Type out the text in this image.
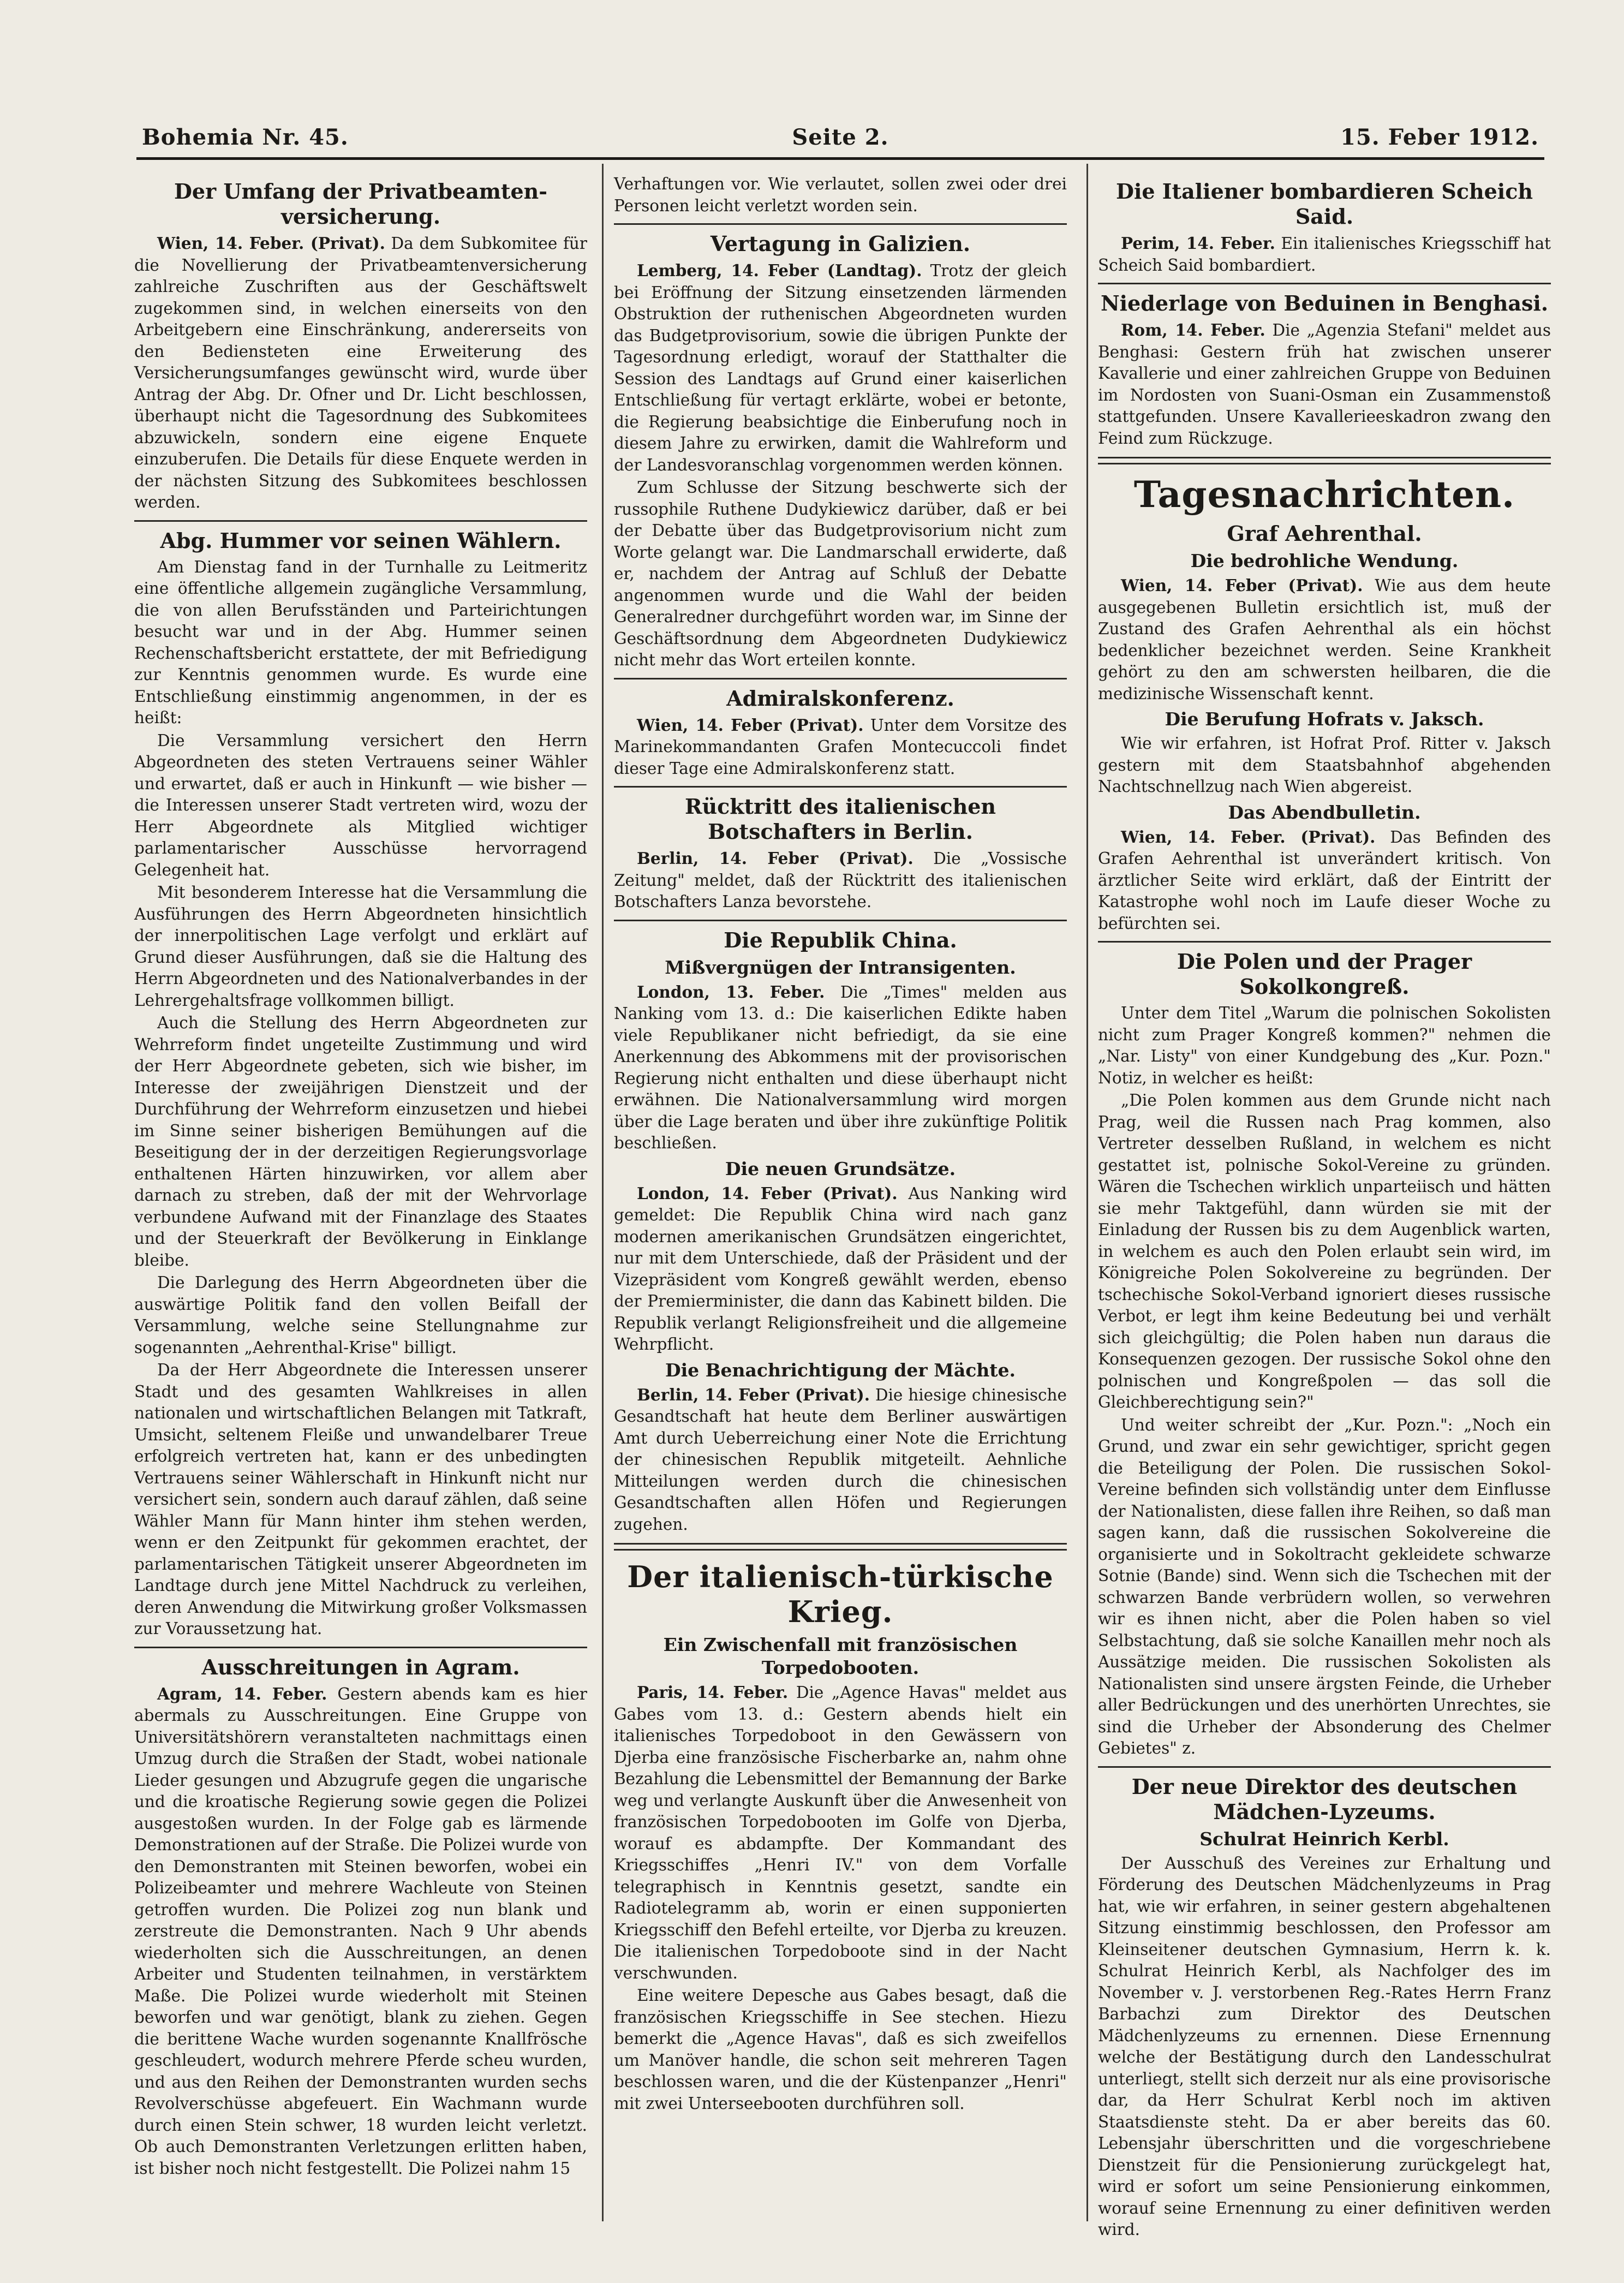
Bohemia Nr. 45.	Seite 2.	15. Feber 1912.
Der Umfang der Privatbeamten-versicherung.

Wien, 14. Feber. (Privat). Da dem Subkomitee für die Novellierung der Privatbeamtenversicherung zahlreiche Zuschriften aus der Geschäftswelt zugekommen sind, in welchen einerseits von den Arbeitgebern eine Einschränkung, andererseits von den Bediensteten eine Erweiterung des Versicherungsumfanges gewünscht wird, wurde über Antrag der Abg. Dr. Ofner und Dr. Licht beschlossen, überhaupt nicht die Tagesordnung des Subkomitees abzuwickeln, sondern eine eigene Enquete einzuberufen. Die Details für diese Enquete werden in der nächsten Sitzung des Subkomitees beschlossen werden.

Abg. Hummer vor seinen Wählern.

Am Dienstag fand in der Turnhalle zu Leitmeritz eine öffentliche allgemein zugängliche Versammlung, die von allen Berufsständen und Parteirichtungen besucht war und in der Abg. Hummer seinen Rechenschaftsbericht erstattete, der mit Befriedigung zur Kenntnis genommen wurde. Es wurde eine Entschließung einstimmig angenommen, in der es heißt:

Die Versammlung versichert den Herrn Abgeordneten des steten Vertrauens seiner Wähler und erwartet, daß er auch in Hinkunft — wie bisher — die Interessen unserer Stadt vertreten wird, wozu der Herr Abgeordnete als Mitglied wichtiger parlamentarischer Ausschüsse hervorragend Gelegenheit hat.

Mit besonderem Interesse hat die Versammlung die Ausführungen des Herrn Abgeordneten hinsichtlich der innerpolitischen Lage verfolgt und erklärt auf Grund dieser Ausführungen, daß sie die Haltung des Herrn Abgeordneten und des Nationalverbandes in der Lehrergehaltsfrage vollkommen billigt.

Auch die Stellung des Herrn Abgeordneten zur Wehrreform findet ungeteilte Zustimmung und wird der Herr Abgeordnete gebeten, sich wie bisher, im Interesse der zweijährigen Dienstzeit und der Durchführung der Wehrreform einzusetzen und hiebei im Sinne seiner bisherigen Bemühungen auf die Beseitigung der in der derzeitigen Regierungsvorlage enthaltenen Härten hinzuwirken, vor allem aber darnach zu streben, daß der mit der Wehrvorlage verbundene Aufwand mit der Finanzlage des Staates und der Steuerkraft der Bevölkerung in Einklange bleibe.

Die Darlegung des Herrn Abgeordneten über die auswärtige Politik fand den vollen Beifall der Versammlung, welche seine Stellungnahme zur sogenannten „Aehrenthal-Krise" billigt.

Da der Herr Abgeordnete die Interessen unserer Stadt und des gesamten Wahlkreises in allen nationalen und wirtschaftlichen Belangen mit Tatkraft, Umsicht, seltenem Fleiße und unwandelbarer Treue erfolgreich vertreten hat, kann er des unbedingten Vertrauens seiner Wählerschaft in Hinkunft nicht nur versichert sein, sondern auch darauf zählen, daß seine Wähler Mann für Mann hinter ihm stehen werden, wenn er den Zeitpunkt für gekommen erachtet, der parlamentarischen Tätigkeit unserer Abgeordneten im Landtage durch jene Mittel Nachdruck zu verleihen, deren Anwendung die Mitwirkung großer Volksmassen zur Voraussetzung hat.

Ausschreitungen in Agram.

Agram, 14. Feber. Gestern abends kam es hier abermals zu Ausschreitungen. Eine Gruppe von Universitätshörern veranstalteten nachmittags einen Umzug durch die Straßen der Stadt, wobei nationale Lieder gesungen und Abzugrufe gegen die ungarische und die kroatische Regierung sowie gegen die Polizei ausgestoßen wurden. In der Folge gab es lärmende Demonstrationen auf der Straße. Die Polizei wurde von den Demonstranten mit Steinen beworfen, wobei ein Polizeibeamter und mehrere Wachleute von Steinen getroffen wurden. Die Polizei zog nun blank und zerstreute die Demonstranten. Nach 9 Uhr abends wiederholten sich die Ausschreitungen, an denen Arbeiter und Studenten teilnahmen, in verstärktem Maße. Die Polizei wurde wiederholt mit Steinen beworfen und war genötigt, blank zu ziehen. Gegen die berittene Wache wurden sogenannte Knallfrösche geschleudert, wodurch mehrere Pferde scheu wurden, und aus den Reihen der Demonstranten wurden sechs Revolverschüsse abgefeuert. Ein Wachmann wurde durch einen Stein schwer, 18 wurden leicht verletzt. Ob auch Demonstranten Verletzungen erlitten haben, ist bisher noch nicht festgestellt. Die Polizei nahm 15

Verhaftungen vor. Wie verlautet, sollen zwei oder drei Personen leicht verletzt worden sein.

Vertagung in Galizien.

Lemberg, 14. Feber (Landtag). Trotz der gleich bei Eröffnung der Sitzung einsetzenden lärmenden Obstruktion der ruthenischen Abgeordneten wurden das Budgetprovisorium, sowie die übrigen Punkte der Tagesordnung erledigt, worauf der Statthalter die Session des Landtags auf Grund einer kaiserlichen Entschließung für vertagt erklärte, wobei er betonte, die Regierung beabsichtige die Einberufung noch in diesem Jahre zu erwirken, damit die Wahlreform und der Landesvoranschlag vorgenommen werden können.

Zum Schlusse der Sitzung beschwerte sich der russophile Ruthene Dudykiewicz darüber, daß er bei der Debatte über das Budgetprovisorium nicht zum Worte gelangt war. Die Landmarschall erwiderte, daß er, nachdem der Antrag auf Schluß der Debatte angenommen wurde und die Wahl der beiden Generalredner durchgeführt worden war, im Sinne der Geschäftsordnung dem Abgeordneten Dudykiewicz nicht mehr das Wort erteilen konnte.

Admiralskonferenz.

Wien, 14. Feber (Privat). Unter dem Vorsitze des Marinekommandanten Grafen Montecuccoli findet dieser Tage eine Admiralskonferenz statt.

Rücktritt des italienischen Botschafters in Berlin.

Berlin, 14. Feber (Privat). Die „Vossische Zeitung" meldet, daß der Rücktritt des italienischen Botschafters Lanza bevorstehe.

Die Republik China.
Mißvergnügen der Intransigenten.

London, 13. Feber. Die „Times" melden aus Nanking vom 13. d.: Die kaiserlichen Edikte haben viele Republikaner nicht befriedigt, da sie eine Anerkennung des Abkommens mit der provisorischen Regierung nicht enthalten und diese überhaupt nicht erwähnen. Die Nationalversammlung wird morgen über die Lage beraten und über ihre zukünftige Politik beschließen.

Die neuen Grundsätze.

London, 14. Feber (Privat). Aus Nanking wird gemeldet: Die Republik China wird nach ganz modernen amerikanischen Grundsätzen eingerichtet, nur mit dem Unterschiede, daß der Präsident und der Vizepräsident vom Kongreß gewählt werden, ebenso der Premierminister, die dann das Kabinett bilden. Die Republik verlangt Religionsfreiheit und die allgemeine Wehrpflicht.

Die Benachrichtigung der Mächte.

Berlin, 14. Feber (Privat). Die hiesige chinesische Gesandtschaft hat heute dem Berliner auswärtigen Amt durch Ueberreichung einer Note die Errichtung der chinesischen Republik mitgeteilt. Aehnliche Mitteilungen werden durch die chinesischen Gesandtschaften allen Höfen und Regierungen zugehen.

Der italienisch-türkische Krieg.
Ein Zwischenfall mit französischen Torpedobooten.

Paris, 14. Feber. Die „Agence Havas" meldet aus Gabes vom 13. d.: Gestern abends hielt ein italienisches Torpedoboot in den Gewässern von Djerba eine französische Fischerbarke an, nahm ohne Bezahlung die Lebensmittel der Bemannung der Barke weg und verlangte Auskunft über die Anwesenheit von französischen Torpedobooten im Golfe von Djerba, worauf es abdampfte. Der Kommandant des Kriegsschiffes „Henri IV." von dem Vorfalle telegraphisch in Kenntnis gesetzt, sandte ein Radiotelegramm ab, worin er einen supponierten Kriegsschiff den Befehl erteilte, vor Djerba zu kreuzen. Die italienischen Torpedoboote sind in der Nacht verschwunden.

Eine weitere Depesche aus Gabes besagt, daß die französischen Kriegsschiffe in See stechen. Hiezu bemerkt die „Agence Havas", daß es sich zweifellos um Manöver handle, die schon seit mehreren Tagen beschlossen waren, und die der Küstenpanzer „Henri" mit zwei Unterseebooten durchführen soll.

Die Italiener bombardieren Scheich Said.

Perim, 14. Feber. Ein italienisches Kriegsschiff hat Scheich Said bombardiert.

Niederlage von Beduinen in Benghasi.

Rom, 14. Feber. Die „Agenzia Stefani" meldet aus Benghasi: Gestern früh hat zwischen unserer Kavallerie und einer zahlreichen Gruppe von Beduinen im Nordosten von Suani-Osman ein Zusammenstoß stattgefunden. Unsere Kavallerieeskadron zwang den Feind zum Rückzuge.

Tagesnachrichten.
Graf Aehrenthal.
Die bedrohliche Wendung.

Wien, 14. Feber (Privat). Wie aus dem heute ausgegebenen Bulletin ersichtlich ist, muß der Zustand des Grafen Aehrenthal als ein höchst bedenklicher bezeichnet werden. Seine Krankheit gehört zu den am schwersten heilbaren, die die medizinische Wissenschaft kennt.

Die Berufung Hofrats v. Jaksch.

Wie wir erfahren, ist Hofrat Prof. Ritter v. Jaksch gestern mit dem Staatsbahnhof abgehenden Nachtschnellzug nach Wien abgereist.

Das Abendbulletin.

Wien, 14. Feber. (Privat). Das Befinden des Grafen Aehrenthal ist unverändert kritisch. Von ärztlicher Seite wird erklärt, daß der Eintritt der Katastrophe wohl noch im Laufe dieser Woche zu befürchten sei.

Die Polen und der Prager Sokolkongreß.

Unter dem Titel „Warum die polnischen Sokolisten nicht zum Prager Kongreß kommen?" nehmen die „Nar. Listy" von einer Kundgebung des „Kur. Pozn." Notiz, in welcher es heißt:

„Die Polen kommen aus dem Grunde nicht nach Prag, weil die Russen nach Prag kommen, also Vertreter desselben Rußland, in welchem es nicht gestattet ist, polnische Sokol-Vereine zu gründen. Wären die Tschechen wirklich unparteiisch und hätten sie mehr Taktgefühl, dann würden sie mit der Einladung der Russen bis zu dem Augenblick warten, in welchem es auch den Polen erlaubt sein wird, im Königreiche Polen Sokolvereine zu begründen. Der tschechische Sokol-Verband ignoriert dieses russische Verbot, er legt ihm keine Bedeutung bei und verhält sich gleichgültig; die Polen haben nun daraus die Konsequenzen gezogen. Der russische Sokol ohne den polnischen und Kongreßpolen — das soll die Gleichberechtigung sein?"

Und weiter schreibt der „Kur. Pozn.": „Noch ein Grund, und zwar ein sehr gewichtiger, spricht gegen die Beteiligung der Polen. Die russischen Sokol-Vereine befinden sich vollständig unter dem Einflusse der Nationalisten, diese fallen ihre Reihen, so daß man sagen kann, daß die russischen Sokolvereine die organisierte und in Sokoltracht gekleidete schwarze Sotnie (Bande) sind. Wenn sich die Tschechen mit der schwarzen Bande verbrüdern wollen, so verwehren wir es ihnen nicht, aber die Polen haben so viel Selbstachtung, daß sie solche Kanaillen mehr noch als Aussätzige meiden. Die russischen Sokolisten als Nationalisten sind unsere ärgsten Feinde, die Urheber aller Bedrückungen und des unerhörten Unrechtes, sie sind die Urheber der Absonderung des Chelmer Gebietes" z.

Der neue Direktor des deutschen Mädchen-Lyzeums.
Schulrat Heinrich Kerbl.

Der Ausschuß des Vereines zur Erhaltung und Förderung des Deutschen Mädchenlyzeums in Prag hat, wie wir erfahren, in seiner gestern abgehaltenen Sitzung einstimmig beschlossen, den Professor am Kleinseitener deutschen Gymnasium, Herrn k. k. Schulrat Heinrich Kerbl, als Nachfolger des im November v. J. verstorbenen Reg.-Rates Herrn Franz Barbachzi zum Direktor des Deutschen Mädchenlyzeums zu ernennen. Diese Ernennung welche der Bestätigung durch den Landesschulrat unterliegt, stellt sich derzeit nur als eine provisorische dar, da Herr Schulrat Kerbl noch im aktiven Staatsdienste steht. Da er aber bereits das 60. Lebensjahr überschritten und die vorgeschriebene Dienstzeit für die Pensionierung zurückgelegt hat, wird er sofort um seine Pensionierung einkommen, worauf seine Ernennung zu einer definitiven werden wird.
